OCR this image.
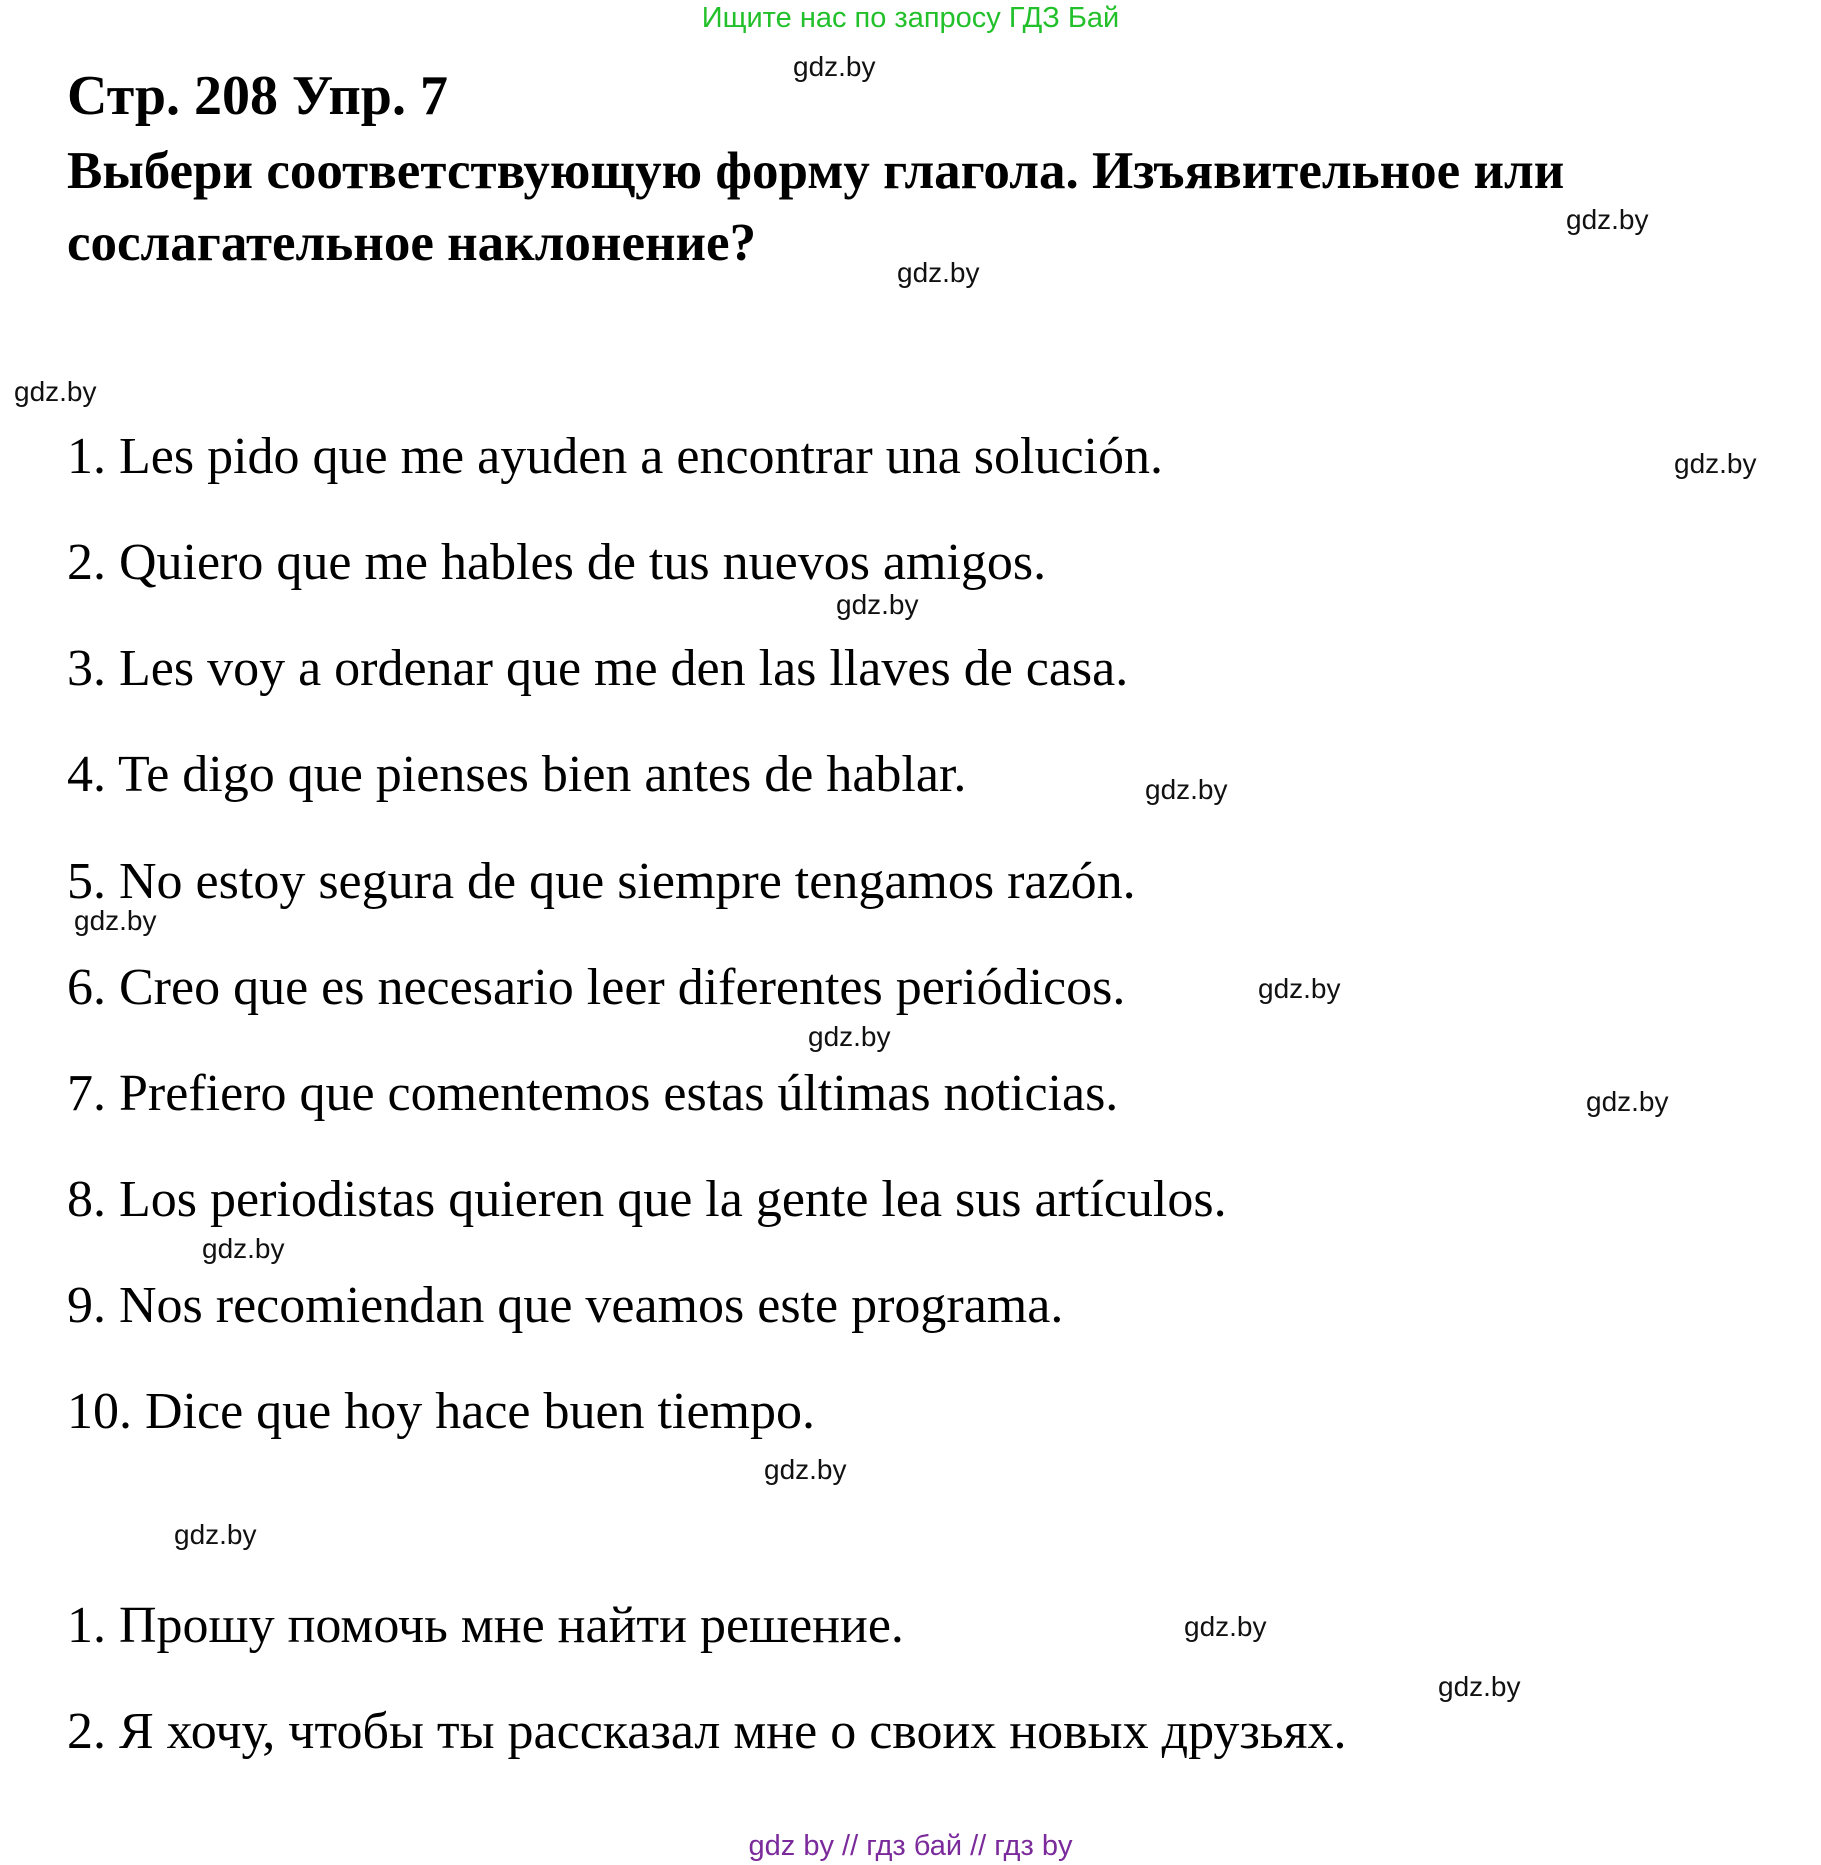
Ищите нас по запросу ГДЗ Бай
Стр. 208 Упр. 7
Выбери соответствующую форму глагола. Изъявительное или
сослагательное наклонение?
1. Les pido que me ayuden a encontrar una solución.
2. Quiero que me hables de tus nuevos amigos.
3. Les voy a ordenar que me den las llaves de casa.
4. Te digo que pienses bien antes de hablar.
5. No estoy segura de que siempre tengamos razón.
6. Creo que es necesario leer diferentes periódicos.
7. Prefiero que comentemos estas últimas noticias.
8. Los periodistas quieren que la gente lea sus artículos.
9. Nos recomiendan que veamos este programa.
10. Dice que hoy hace buen tiempo.
1. Прошу помочь мне найти решение.
2. Я хочу, чтобы ты рассказал мне о своих новых друзьях.
gdz.by
gdz.by
gdz.by
gdz.by
gdz.by
gdz.by
gdz.by
gdz.by
gdz.by
gdz.by
gdz.by
gdz.by
gdz.by
gdz.by
gdz.by
gdz.by
gdz by // гдз бай // гдз by
